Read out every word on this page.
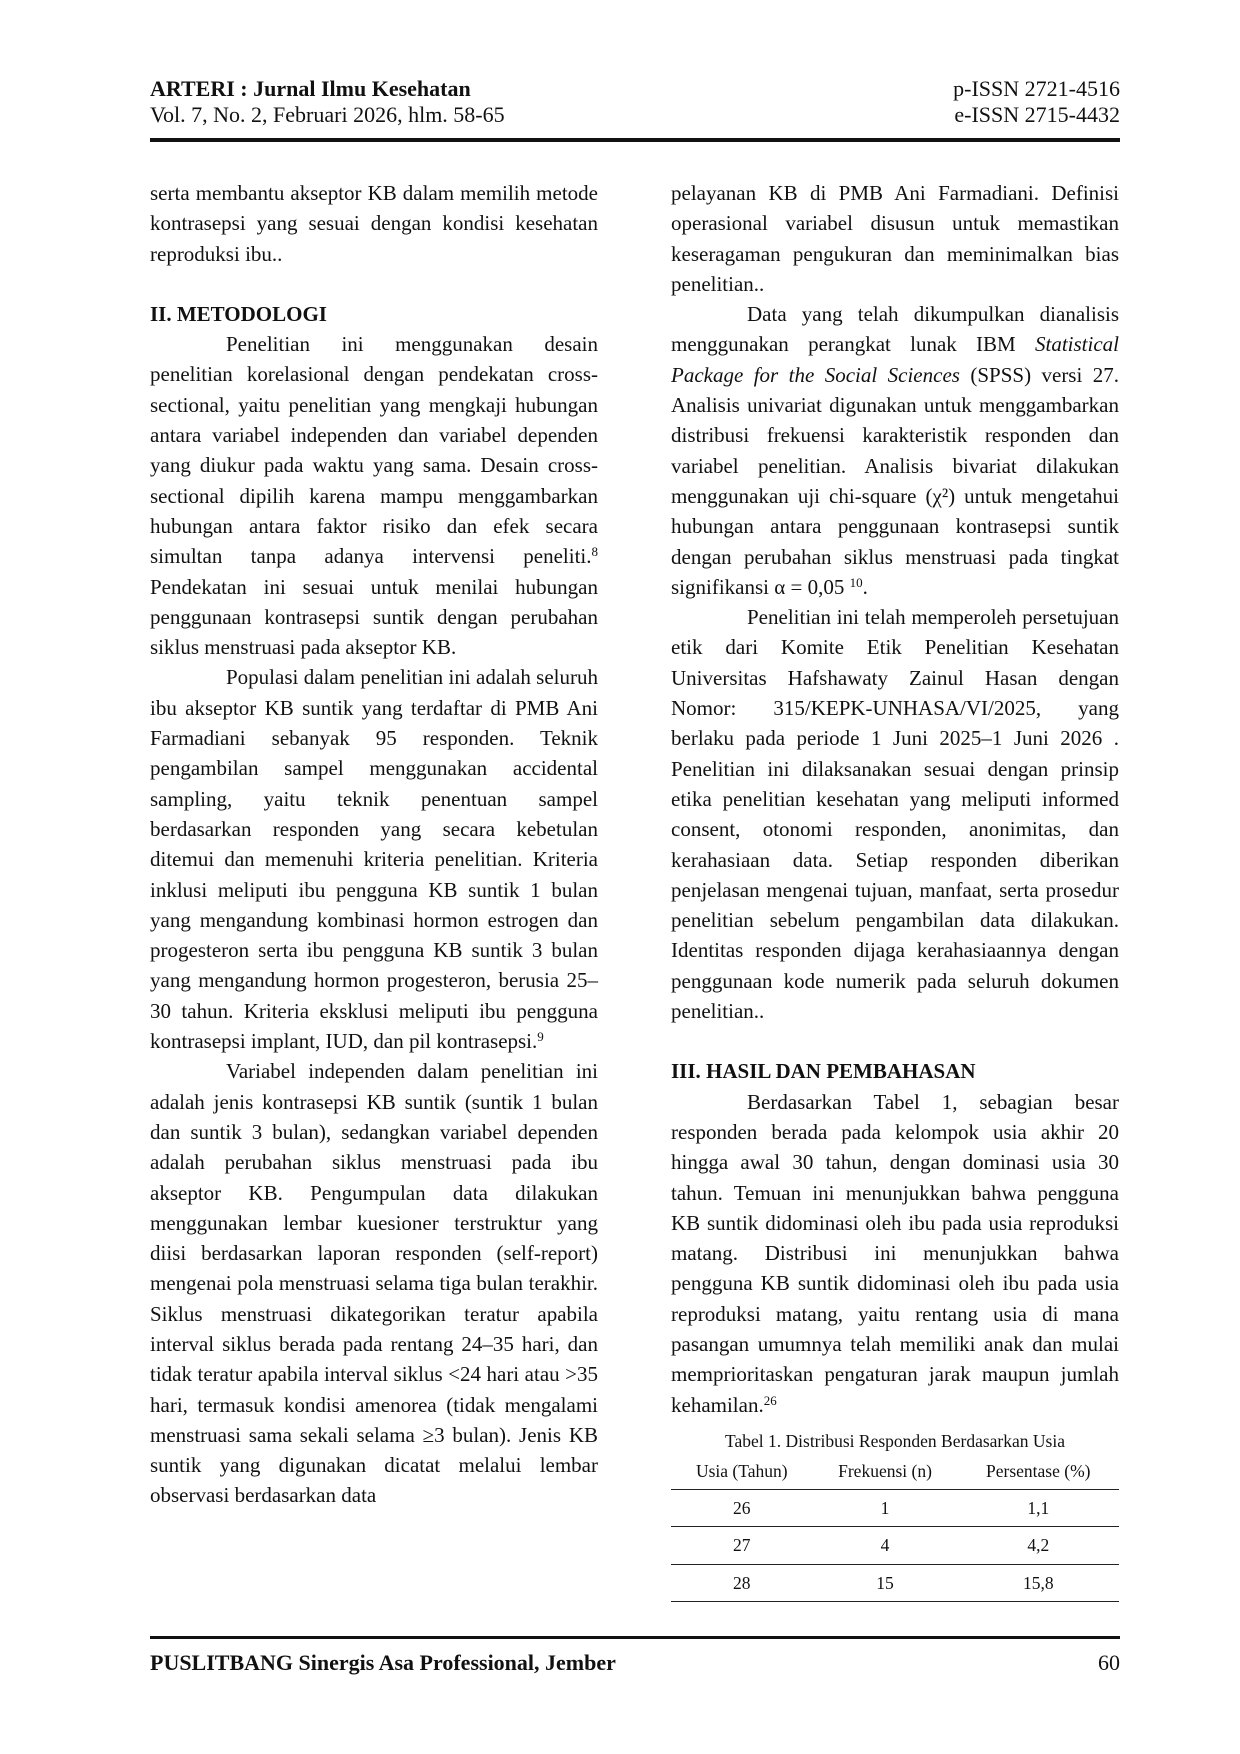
ARTERI : Jurnal Ilmu Kesehatan
Vol. 7, No. 2, Februari 2026, hlm. 58-65
p-ISSN 2721-4516
e-ISSN 2715-4432

serta membantu akseptor KB dalam memilih metode kontrasepsi yang sesuai dengan kondisi kesehatan reproduksi ibu..

II. METODOLOGI

Penelitian ini menggunakan desain penelitian korelasional dengan pendekatan cross-sectional, yaitu penelitian yang mengkaji hubungan antara variabel independen dan variabel dependen yang diukur pada waktu yang sama. Desain cross-sectional dipilih karena mampu menggambarkan hubungan antara faktor risiko dan efek secara simultan tanpa adanya intervensi peneliti.$^8$ Pendekatan ini sesuai untuk menilai hubungan penggunaan kontrasepsi suntik dengan perubahan siklus menstruasi pada akseptor KB.

Populasi dalam penelitian ini adalah seluruh ibu akseptor KB suntik yang terdaftar di PMB Ani Farmadiani sebanyak 95 responden. Teknik pengambilan sampel menggunakan accidental sampling, yaitu teknik penentuan sampel berdasarkan responden yang secara kebetulan ditemui dan memenuhi kriteria penelitian. Kriteria inklusi meliputi ibu pengguna KB suntik 1 bulan yang mengandung kombinasi hormon estrogen dan progesteron serta ibu pengguna KB suntik 3 bulan yang mengandung hormon progesteron, berusia 25–30 tahun. Kriteria eksklusi meliputi ibu pengguna kontrasepsi implant, IUD, dan pil kontrasepsi.$^9$

Variabel independen dalam penelitian ini adalah jenis kontrasepsi KB suntik (suntik 1 bulan dan suntik 3 bulan), sedangkan variabel dependen adalah perubahan siklus menstruasi pada ibu akseptor KB. Pengumpulan data dilakukan menggunakan lembar kuesioner terstruktur yang diisi berdasarkan laporan responden (self-report) mengenai pola menstruasi selama tiga bulan terakhir. Siklus menstruasi dikategorikan teratur apabila interval siklus berada pada rentang 24–35 hari, dan tidak teratur apabila interval siklus <24 hari atau >35 hari, termasuk kondisi amenorea (tidak mengalami menstruasi sama sekali selama ≥3 bulan). Jenis KB suntik yang digunakan dicatat melalui lembar observasi berdasarkan data

pelayanan KB di PMB Ani Farmadiani. Definisi operasional variabel disusun untuk memastikan keseragaman pengukuran dan meminimalkan bias penelitian..

Data yang telah dikumpulkan dianalisis menggunakan perangkat lunak IBM Statistical Package for the Social Sciences (SPSS) versi 27. Analisis univariat digunakan untuk menggambarkan distribusi frekuensi karakteristik responden dan variabel penelitian. Analisis bivariat dilakukan menggunakan uji chi-square (χ²) untuk mengetahui hubungan antara penggunaan kontrasepsi suntik dengan perubahan siklus menstruasi pada tingkat signifikansi α = 0,05 $^{10}$.

Penelitian ini telah memperoleh persetujuan etik dari Komite Etik Penelitian Kesehatan Universitas Hafshawaty Zainul Hasan dengan Nomor: 315/KEPK-UNHASA/VI/2025, yang berlaku pada periode 1 Juni 2025–1 Juni 2026 . Penelitian ini dilaksanakan sesuai dengan prinsip etika penelitian kesehatan yang meliputi informed consent, otonomi responden, anonimitas, dan kerahasiaan data. Setiap responden diberikan penjelasan mengenai tujuan, manfaat, serta prosedur penelitian sebelum pengambilan data dilakukan. Identitas responden dijaga kerahasiaannya dengan penggunaan kode numerik pada seluruh dokumen penelitian..

III. HASIL DAN PEMBAHASAN

Berdasarkan Tabel 1, sebagian besar responden berada pada kelompok usia akhir 20 hingga awal 30 tahun, dengan dominasi usia 30 tahun. Temuan ini menunjukkan bahwa pengguna KB suntik didominasi oleh ibu pada usia reproduksi matang. Distribusi ini menunjukkan bahwa pengguna KB suntik didominasi oleh ibu pada usia reproduksi matang, yaitu rentang usia di mana pasangan umumnya telah memiliki anak dan mulai memprioritaskan pengaturan jarak maupun jumlah kehamilan.$^{26}$

Tabel 1. Distribusi Responden Berdasarkan Usia
Usia (Tahun)	Frekuensi (n)	Persentase (%)
26	1	1,1
27	4	4,2
28	15	15,8
PUSLITBANG Sinergis Asa Professional, Jember	60
